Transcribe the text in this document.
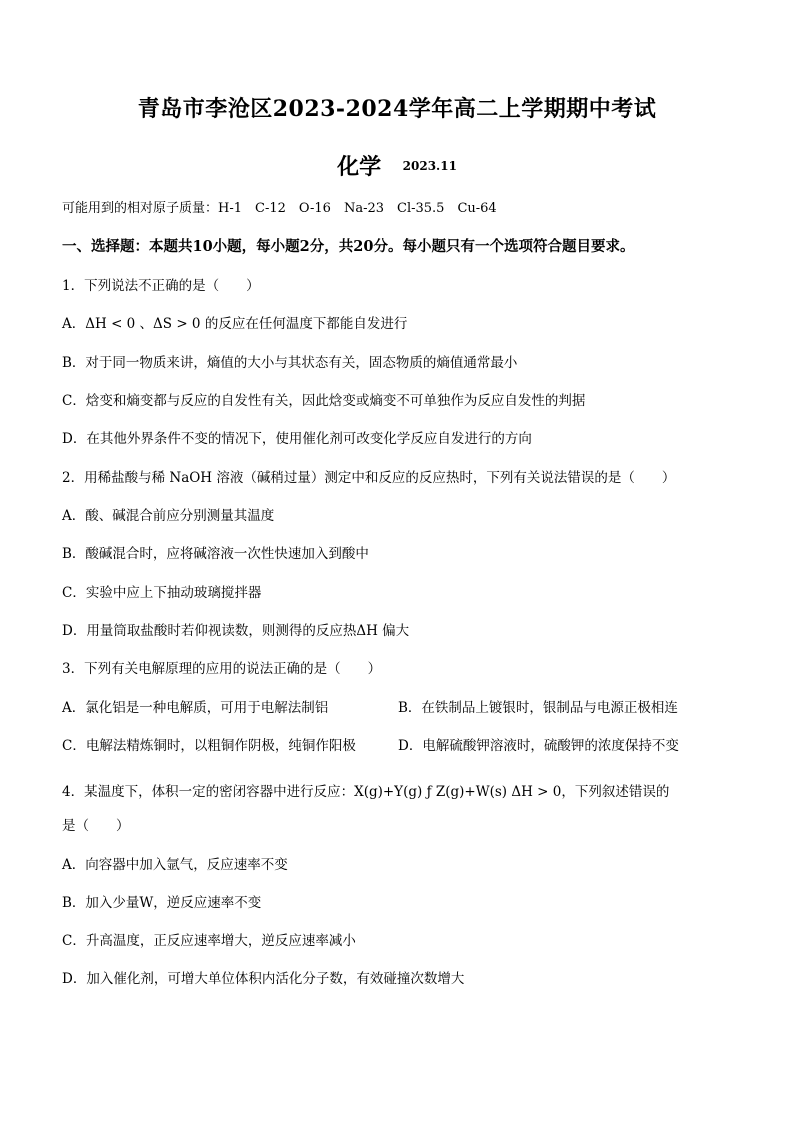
青岛市李沧区2023-2024学年高二上学期期中考试
化学 2023.11
可能用到的相对原子质量：H-1　C-12　O-16　Na-23　Cl-35.5　Cu-64
一、选择题：本题共10小题，每小题2分，共20分。每小题只有一个选项符合题目要求。
1．下列说法不正确的是（　　）
A．ΔH < 0 、ΔS > 0 的反应在任何温度下都能自发进行
B．对于同一物质来讲，熵值的大小与其状态有关，固态物质的熵值通常最小
C．焓变和熵变都与反应的自发性有关，因此焓变或熵变不可单独作为反应自发性的判据
D．在其他外界条件不变的情况下，使用催化剂可改变化学反应自发进行的方向
2．用稀盐酸与稀 NaOH 溶液（碱稍过量）测定中和反应的反应热时，下列有关说法错误的是（　　）
A．酸、碱混合前应分别测量其温度
B．酸碱混合时，应将碱溶液一次性快速加入到酸中
C．实验中应上下抽动玻璃搅拌器
D．用量筒取盐酸时若仰视读数，则测得的反应热ΔH 偏大
3．下列有关电解原理的应用的说法正确的是（　　）
A．氯化铝是一种电解质，可用于电解法制铝	B．在铁制品上镀银时，银制品与电源正极相连
C．电解法精炼铜时，以粗铜作阴极，纯铜作阳极	D．电解硫酸钾溶液时，硫酸钾的浓度保持不变
4．某温度下，体积一定的密闭容器中进行反应：X(g)+Y(g) ƒ Z(g)+W(s) ΔH > 0，下列叙述错误的
是（　　）
A．向容器中加入氩气，反应速率不变
B．加入少量W，逆反应速率不变
C．升高温度，正反应速率增大，逆反应速率减小
D．加入催化剂，可增大单位体积内活化分子数，有效碰撞次数增大
